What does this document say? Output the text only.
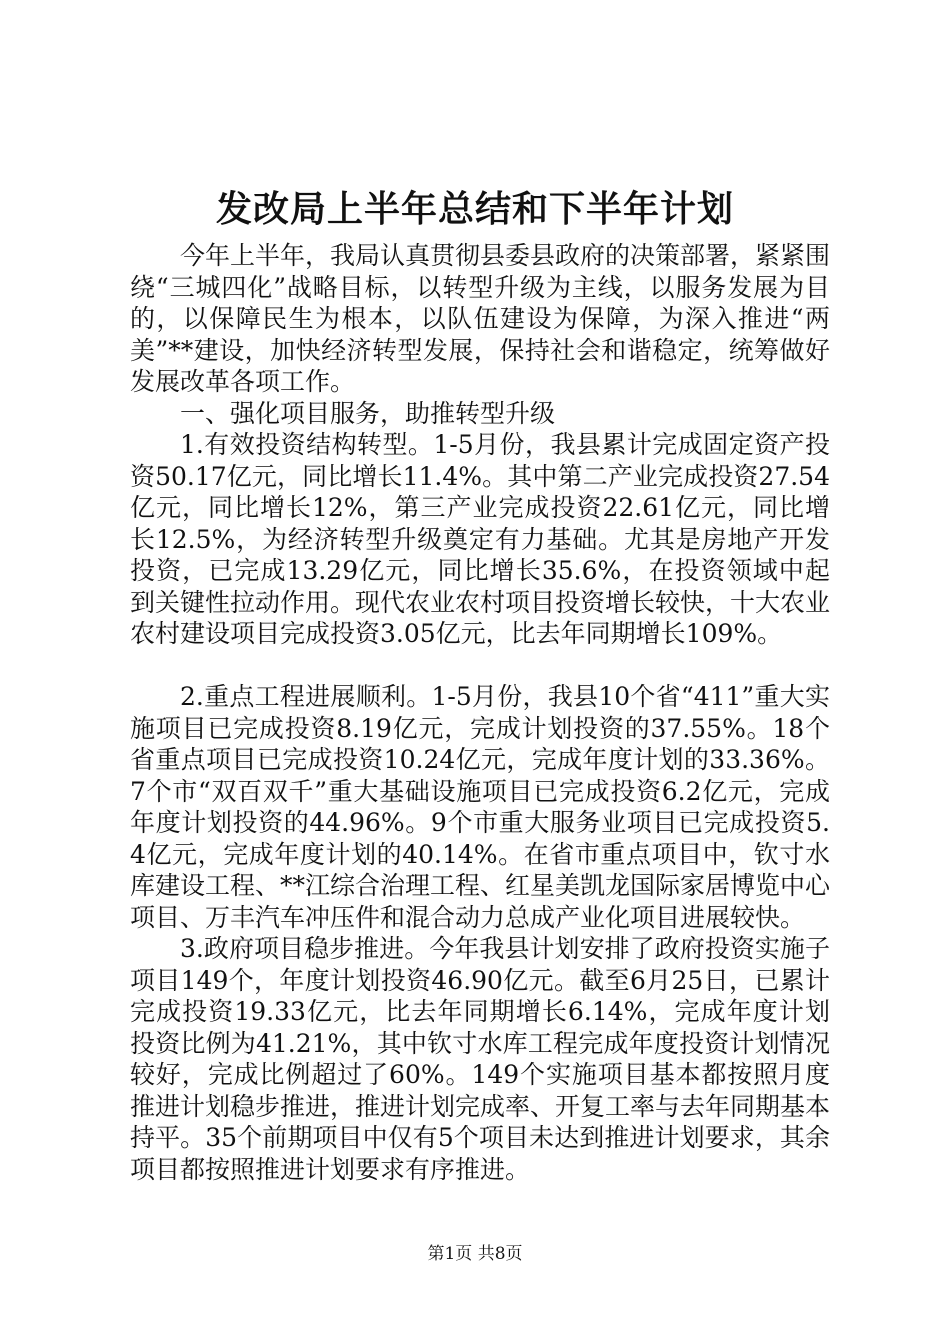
发改局上半年总结和下半年计划

今年上半年，我局认真贯彻县委县政府的决策部署，紧紧围绕“三城四化”战略目标，以转型升级为主线，以服务发展为目的，以保障民生为根本，以队伍建设为保障，为深入推进“两美”**建设，加快经济转型发展，保持社会和谐稳定，统筹做好发展改革各项工作。

一、强化项目服务，助推转型升级

1.有效投资结构转型。1-5月份，我县累计完成固定资产投资50.17亿元，同比增长11.4%。其中第二产业完成投资27.54亿元，同比增长12%，第三产业完成投资22.61亿元，同比增长12.5%，为经济转型升级奠定有力基础。尤其是房地产开发投资，已完成13.29亿元，同比增长35.6%，在投资领域中起到关键性拉动作用。现代农业农村项目投资增长较快，十大农业农村建设项目完成投资3.05亿元，比去年同期增长109%。

2.重点工程进展顺利。1-5月份，我县10个省“411”重大实施项目已完成投资8.19亿元，完成计划投资的37.55%。18个省重点项目已完成投资10.24亿元，完成年度计划的33.36%。7个市“双百双千”重大基础设施项目已完成投资6.2亿元，完成年度计划投资的44.96%。9个市重大服务业项目已完成投资5.4亿元，完成年度计划的40.14%。在省市重点项目中，钦寸水库建设工程、**江综合治理工程、红星美凯龙国际家居博览中心项目、万丰汽车冲压件和混合动力总成产业化项目进展较快。

3.政府项目稳步推进。今年我县计划安排了政府投资实施子项目149个，年度计划投资46.90亿元。截至6月25日，已累计完成投资19.33亿元，比去年同期增长6.14%，完成年度计划投资比例为41.21%，其中钦寸水库工程完成年度投资计划情况较好，完成比例超过了60%。149个实施项目基本都按照月度推进计划稳步推进，推进计划完成率、开复工率与去年同期基本持平。35个前期项目中仅有5个项目未达到推进计划要求，其余项目都按照推进计划要求有序推进。

第1页 共8页
